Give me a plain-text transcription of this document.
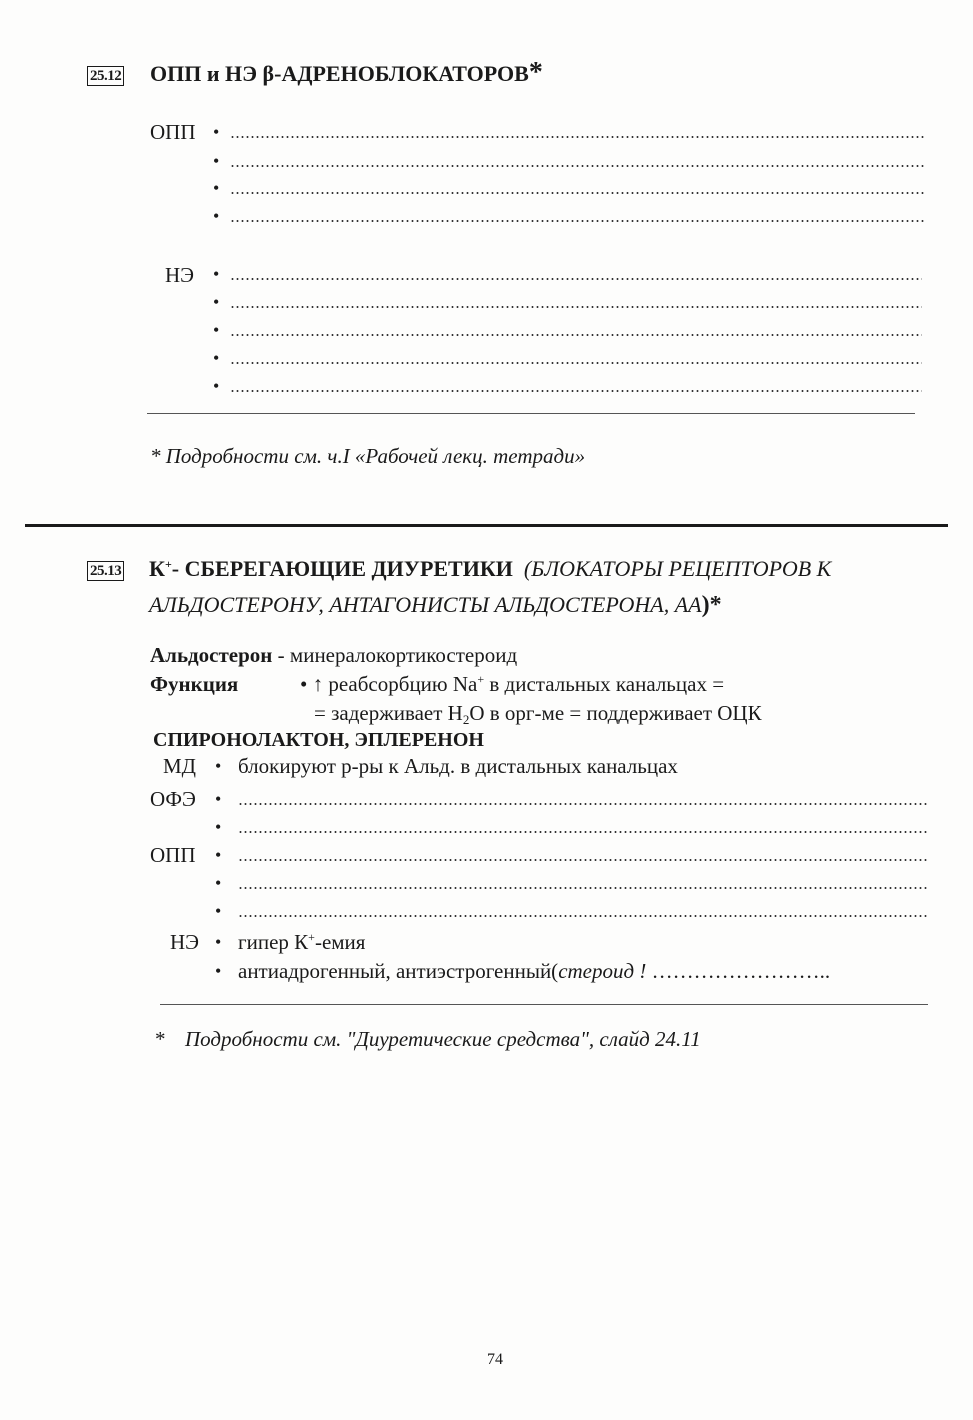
25.12 ОПП и НЭ β-АДРЕНОБЛОКАТОРОВ*
ОПП •
•
•
•
НЭ •
•
•
•
•
* Подробности см. ч.I «Рабочей лекц. тетради»
25.13 К+- СБЕРЕГАЮЩИЕ ДИУРЕТИКИ (БЛОКАТОРЫ РЕЦЕПТОРОВ К
АЛЬДОСТЕРОНУ, АНТАГОНИСТЫ АЛЬДОСТЕРОНА, АА)*
Альдостерон - минералокортикостероид
Функция	• ↑ реабсорбцию Na+ в дистальных канальцах =
= задерживает $H_2O$ в орг-ме = поддерживает ОЦК
СПИРОНОЛАКТОН, ЭПЛЕРЕНОН
МД • блокируют р-ры к Альд. в дистальных канальцах
ОФЭ •
•
ОПП •
•
•
НЭ • гипер К+-емия
• антиадрогенный, антиэстрогенный(стероид ! ……………………..
* Подробности см. "Диуретические средства", слайд 24.11
74
